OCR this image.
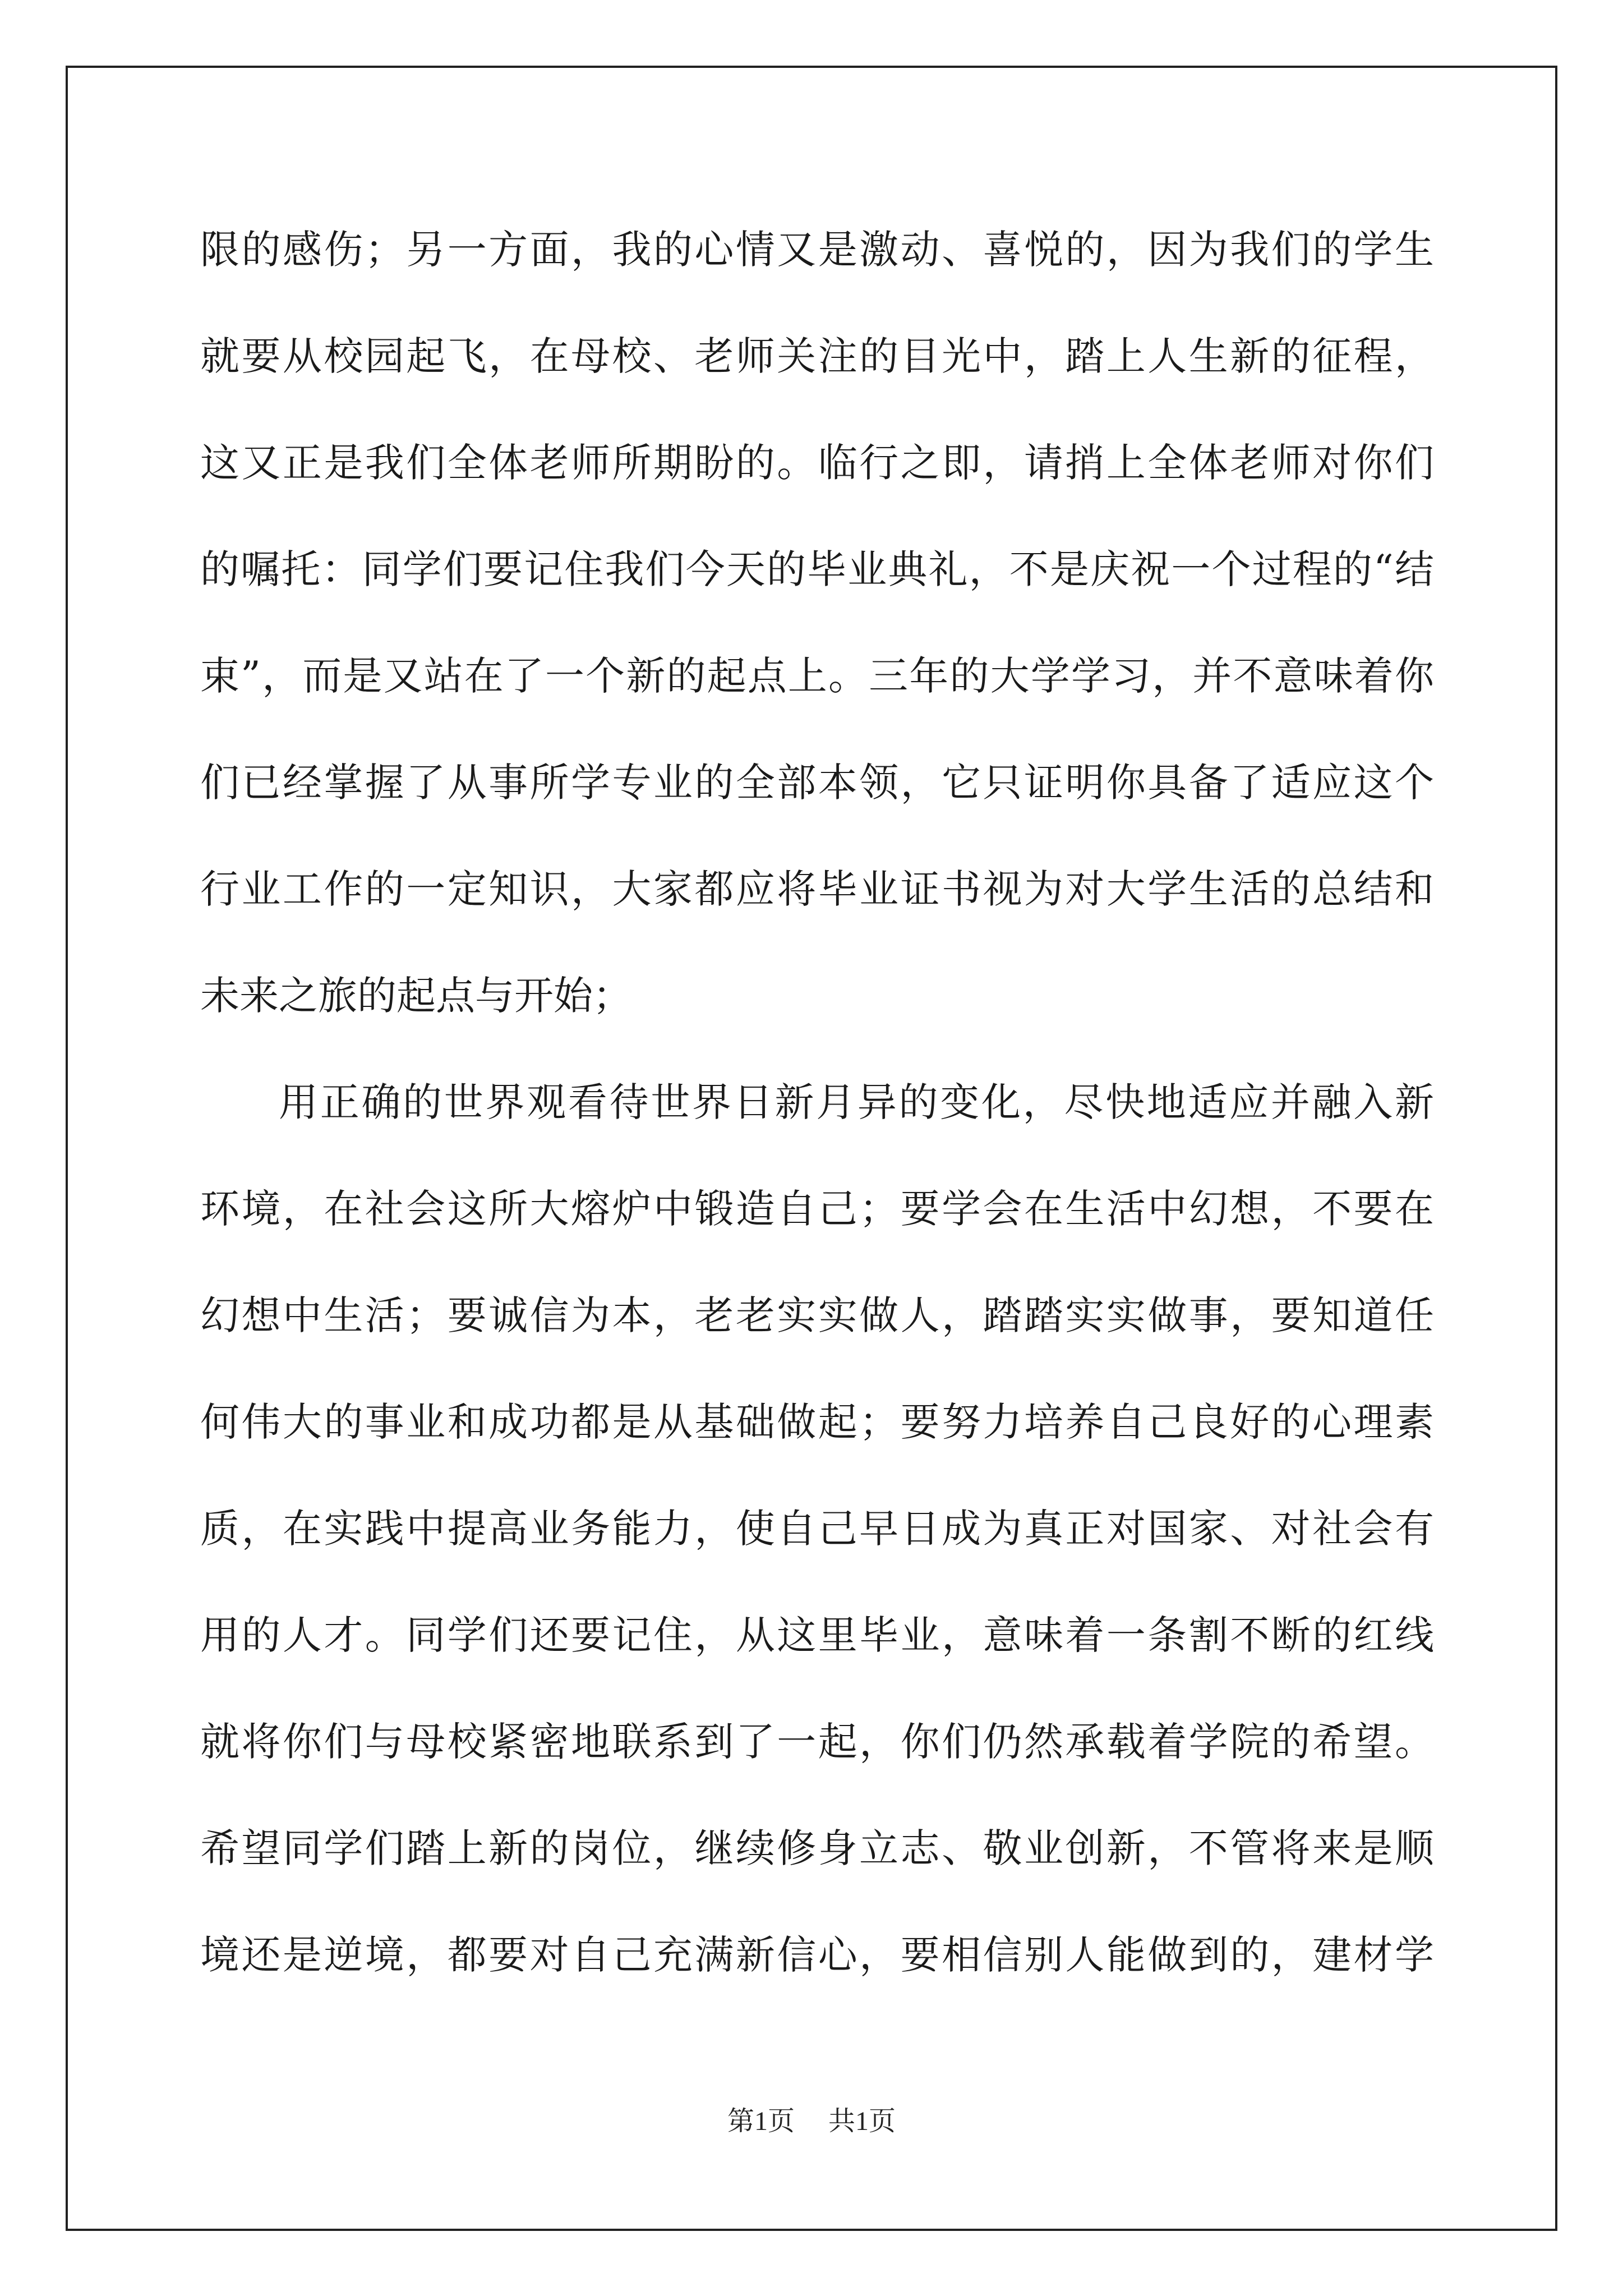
限的感伤；另一方面，我的心情又是激动、喜悦的，因为我们的学生
就要从校园起飞，在母校、老师关注的目光中，踏上人生新的征程，
这又正是我们全体老师所期盼的。临行之即，请捎上全体老师对你们
的嘱托：同学们要记住我们今天的毕业典礼，不是庆祝一个过程的“结
束”，而是又站在了一个新的起点上。三年的大学学习，并不意味着你
们已经掌握了从事所学专业的全部本领，它只证明你具备了适应这个
行业工作的一定知识，大家都应将毕业证书视为对大学生活的总结和
未来之旅的起点与开始；
用正确的世界观看待世界日新月异的变化，尽快地适应并融入新
环境，在社会这所大熔炉中锻造自己；要学会在生活中幻想，不要在
幻想中生活；要诚信为本，老老实实做人，踏踏实实做事，要知道任
何伟大的事业和成功都是从基础做起；要努力培养自己良好的心理素
质，在实践中提高业务能力，使自己早日成为真正对国家、对社会有
用的人才。同学们还要记住，从这里毕业，意味着一条割不断的红线
就将你们与母校紧密地联系到了一起，你们仍然承载着学院的希望。
希望同学们踏上新的岗位，继续修身立志、敬业创新，不管将来是顺
境还是逆境，都要对自己充满新信心，要相信别人能做到的，建材学
第1页 共1页
